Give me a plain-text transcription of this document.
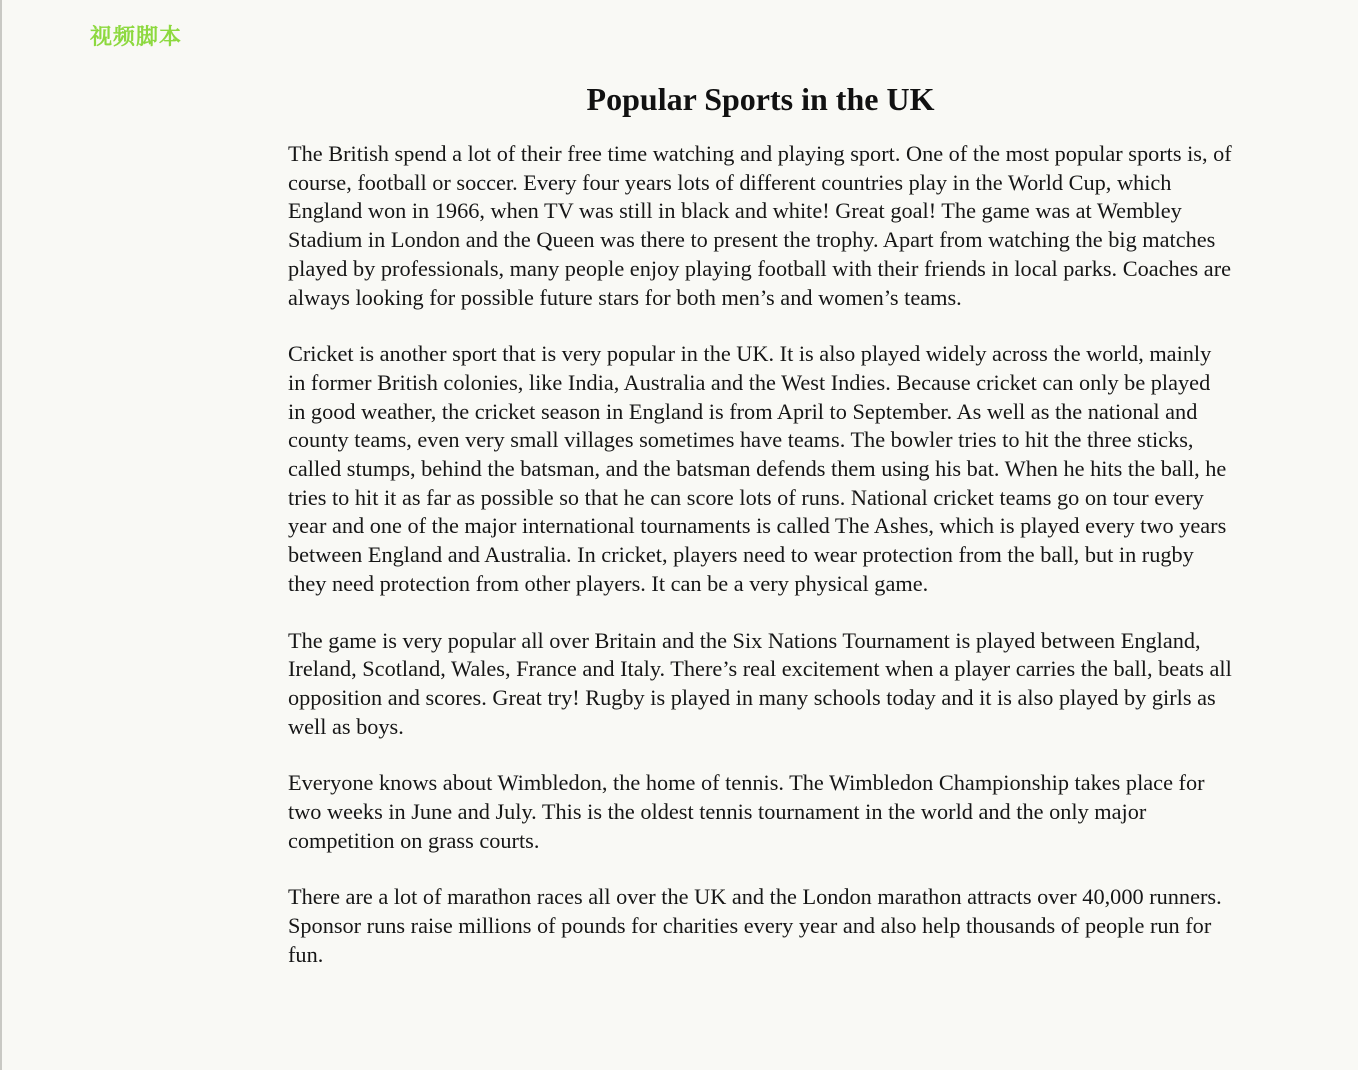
视频脚本
Popular Sports in the UK

The British spend a lot of their free time watching and playing sport. One of the most popular sports is, of course, football or soccer. Every four years lots of different countries play in the World Cup, which England won in 1966, when TV was still in black and white! Great goal! The game was at Wembley Stadium in London and the Queen was there to present the trophy. Apart from watching the big matches played by professionals, many people enjoy playing football with their friends in local parks. Coaches are always looking for possible future stars for both men’s and women’s teams.

Cricket is another sport that is very popular in the UK. It is also played widely across the world, mainly in former British colonies, like India, Australia and the West Indies. Because cricket can only be played in good weather, the cricket season in England is from April to September. As well as the national and county teams, even very small villages sometimes have teams. The bowler tries to hit the three sticks, called stumps, behind the batsman, and the batsman defends them using his bat. When he hits the ball, he tries to hit it as far as possible so that he can score lots of runs. National cricket teams go on tour every year and one of the major international tournaments is called The Ashes, which is played every two years between England and Australia. In cricket, players need to wear protection from the ball, but in rugby they need protection from other players. It can be a very physical game.

The game is very popular all over Britain and the Six Nations Tournament is played between England, Ireland, Scotland, Wales, France and Italy. There’s real excitement when a player carries the ball, beats all opposition and scores. Great try! Rugby is played in many schools today and it is also played by girls as well as boys.

Everyone knows about Wimbledon, the home of tennis. The Wimbledon Championship takes place for two weeks in June and July. This is the oldest tennis tournament in the world and the only major competition on grass courts.

There are a lot of marathon races all over the UK and the London marathon attracts over 40,000 runners. Sponsor runs raise millions of pounds for charities every year and also help thousands of people run for fun.
